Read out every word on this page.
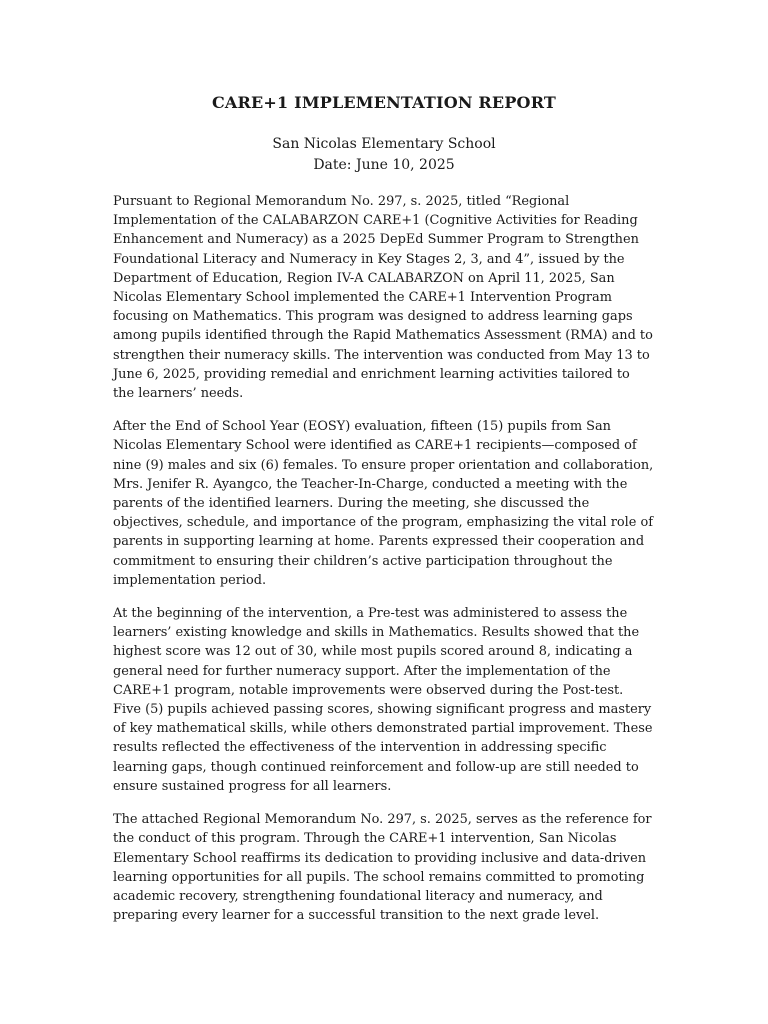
CARE+1 IMPLEMENTATION REPORT
San Nicolas Elementary School
Date: June 10, 2025

Pursuant to Regional Memorandum No. 297, s. 2025, titled “Regional Implementation of the CALABARZON CARE+1 (Cognitive Activities for Reading Enhancement and Numeracy) as a 2025 DepEd Summer Program to Strengthen Foundational Literacy and Numeracy in Key Stages 2, 3, and 4”, issued by the Department of Education, Region IV-A CALABARZON on April 11, 2025, San Nicolas Elementary School implemented the CARE+1 Intervention Program focusing on Mathematics. This program was designed to address learning gaps among pupils identified through the Rapid Mathematics Assessment (RMA) and to strengthen their numeracy skills. The intervention was conducted from May 13 to June 6, 2025, providing remedial and enrichment learning activities tailored to the learners’ needs.

After the End of School Year (EOSY) evaluation, fifteen (15) pupils from San Nicolas Elementary School were identified as CARE+1 recipients—composed of nine (9) males and six (6) females. To ensure proper orientation and collaboration, Mrs. Jenifer R. Ayangco, the Teacher-In-Charge, conducted a meeting with the parents of the identified learners. During the meeting, she discussed the objectives, schedule, and importance of the program, emphasizing the vital role of parents in supporting learning at home. Parents expressed their cooperation and commitment to ensuring their children’s active participation throughout the implementation period.

At the beginning of the intervention, a Pre-test was administered to assess the learners’ existing knowledge and skills in Mathematics. Results showed that the highest score was 12 out of 30, while most pupils scored around 8, indicating a general need for further numeracy support. After the implementation of the CARE+1 program, notable improvements were observed during the Post-test. Five (5) pupils achieved passing scores, showing significant progress and mastery of key mathematical skills, while others demonstrated partial improvement. These results reflected the effectiveness of the intervention in addressing specific learning gaps, though continued reinforcement and follow-up are still needed to ensure sustained progress for all learners.

The attached Regional Memorandum No. 297, s. 2025, serves as the reference for the conduct of this program. Through the CARE+1 intervention, San Nicolas Elementary School reaffirms its dedication to providing inclusive and data-driven learning opportunities for all pupils. The school remains committed to promoting academic recovery, strengthening foundational literacy and numeracy, and preparing every learner for a successful transition to the next grade level.
